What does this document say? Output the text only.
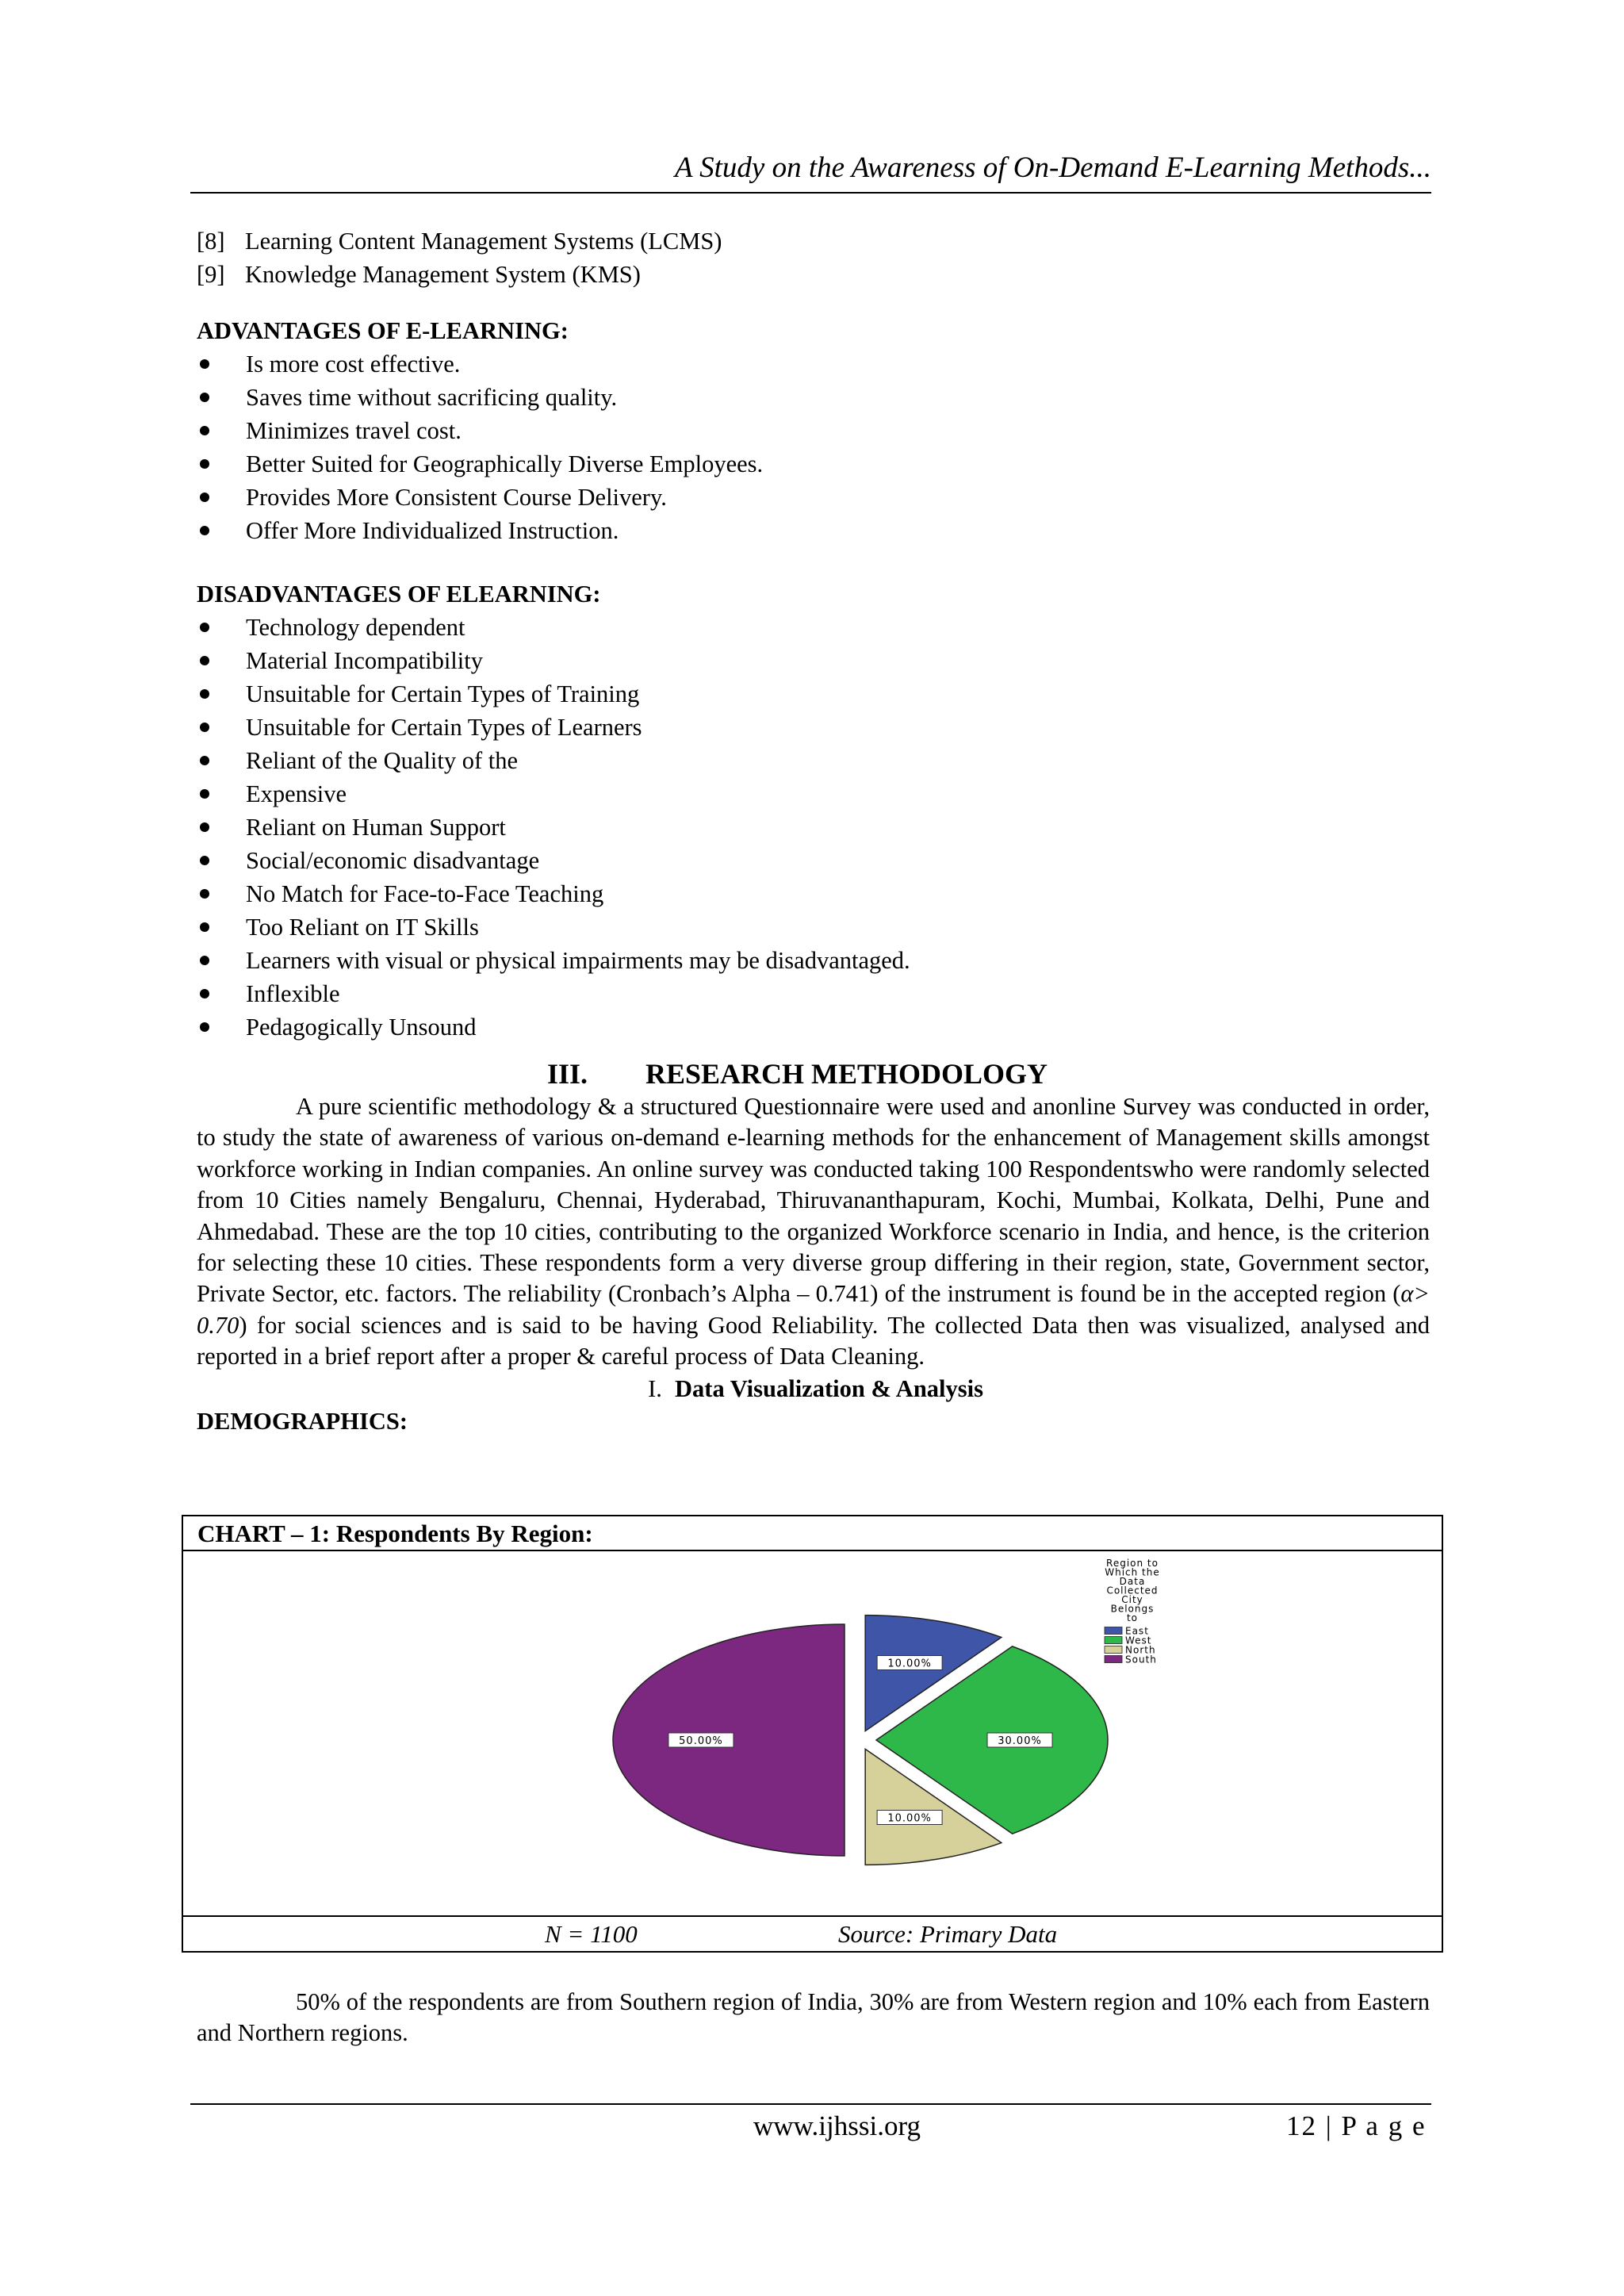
A Study on the Awareness of On-Demand E-Learning Methods...

[8] Learning Content Management Systems (LCMS)

[9] Knowledge Management System (KMS)

ADVANTAGES OF E-LEARNING:

Is more cost effective.
Saves time without sacrificing quality.
Minimizes travel cost.
Better Suited for Geographically Diverse Employees.
Provides More Consistent Course Delivery.
Offer More Individualized Instruction.

DISADVANTAGES OF ELEARNING:

Technology dependent
Material Incompatibility
Unsuitable for Certain Types of Training
Unsuitable for Certain Types of Learners
Reliant of the Quality of the
Expensive
Reliant on Human Support
Social/economic disadvantage
No Match for Face-to-Face Teaching
Too Reliant on IT Skills
Learners with visual or physical impairments may be disadvantaged.
Inflexible
Pedagogically Unsound

III. RESEARCH METHODOLOGY

A pure scientific methodology & a structured Questionnaire were used and anonline Survey was conducted in order, to study the state of awareness of various on-demand e-learning methods for the enhancement of Management skills amongst workforce working in Indian companies. An online survey was conducted taking 100 Respondentswho were randomly selected from 10 Cities namely Bengaluru, Chennai, Hyderabad, Thiruvananthapuram, Kochi, Mumbai, Kolkata, Delhi, Pune and Ahmedabad. These are the top 10 cities, contributing to the organized Workforce scenario in India, and hence, is the criterion for selecting these 10 cities. These respondents form a very diverse group differing in their region, state, Government sector, Private Sector, etc. factors. The reliability (Cronbach’s Alpha – 0.741) of the instrument is found be in the accepted region (α> 0.70) for social sciences and is said to be having Good Reliability. The collected Data then was visualized, analysed and reported in a brief report after a proper & careful process of Data Cleaning.

I. Data Visualization & Analysis

DEMOGRAPHICS:

CHART – 1: Respondents By Region:
10.00%
30.00%
10.00%
50.00%
Region to
Which the
Data
Collected
City
Belongs
to
East
West
North
South
N = 1100	Source: Primary Data

50% of the respondents are from Southern region of India, 30% are from Western region and 10% each from Eastern and Northern regions.

www.ijhssi.org	12 | P a g e
